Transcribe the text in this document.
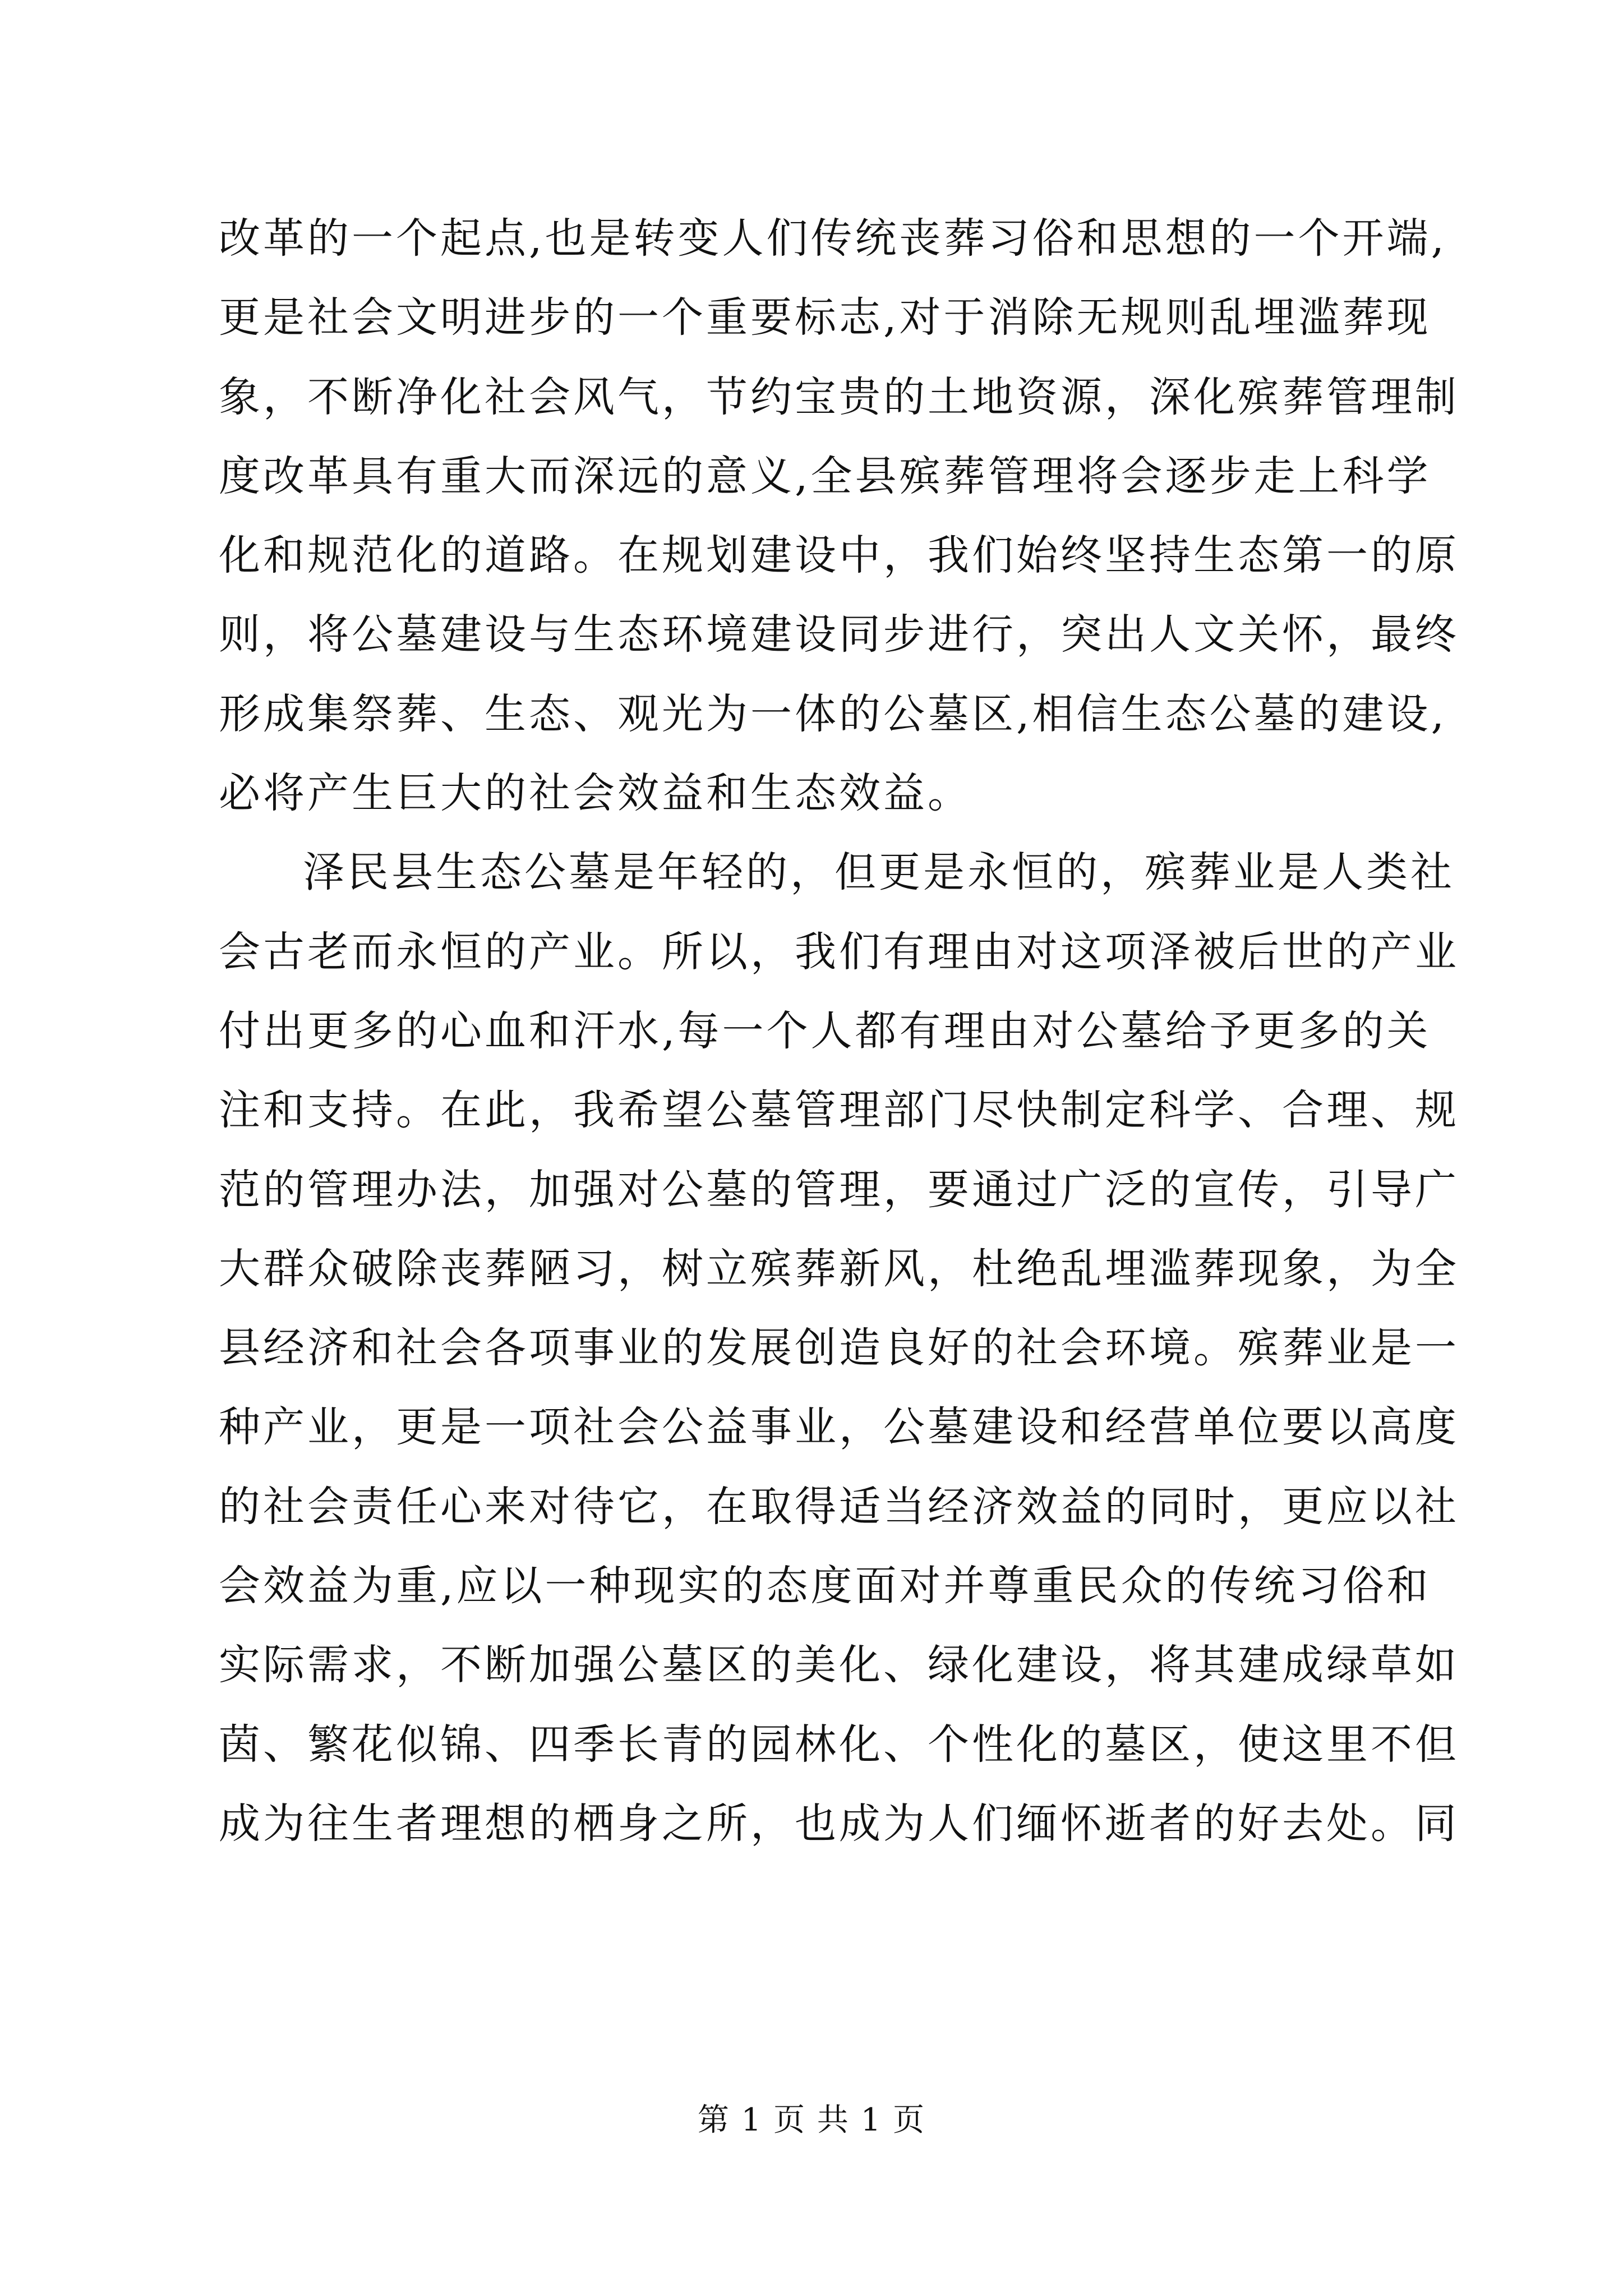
改革的一个起点,也是转变人们传统丧葬习俗和思想的一个开端,
更是社会文明进步的一个重要标志,对于消除无规则乱埋滥葬现
象，不断净化社会风气，节约宝贵的土地资源，深化殡葬管理制
度改革具有重大而深远的意义,全县殡葬管理将会逐步走上科学
化和规范化的道路。在规划建设中，我们始终坚持生态第一的原
则，将公墓建设与生态环境建设同步进行，突出人文关怀，最终
形成集祭葬、生态、观光为一体的公墓区,相信生态公墓的建设,
必将产生巨大的社会效益和生态效益。
泽民县生态公墓是年轻的，但更是永恒的，殡葬业是人类社
会古老而永恒的产业。所以，我们有理由对这项泽被后世的产业
付出更多的心血和汗水,每一个人都有理由对公墓给予更多的关
注和支持。在此，我希望公墓管理部门尽快制定科学、合理、规
范的管理办法，加强对公墓的管理，要通过广泛的宣传，引导广
大群众破除丧葬陋习，树立殡葬新风，杜绝乱埋滥葬现象，为全
县经济和社会各项事业的发展创造良好的社会环境。殡葬业是一
种产业，更是一项社会公益事业，公墓建设和经营单位要以高度
的社会责任心来对待它，在取得适当经济效益的同时，更应以社
会效益为重,应以一种现实的态度面对并尊重民众的传统习俗和
实际需求，不断加强公墓区的美化、绿化建设，将其建成绿草如
茵、繁花似锦、四季长青的园林化、个性化的墓区，使这里不但
成为往生者理想的栖身之所，也成为人们缅怀逝者的好去处。同
第 1 页 共 1 页
